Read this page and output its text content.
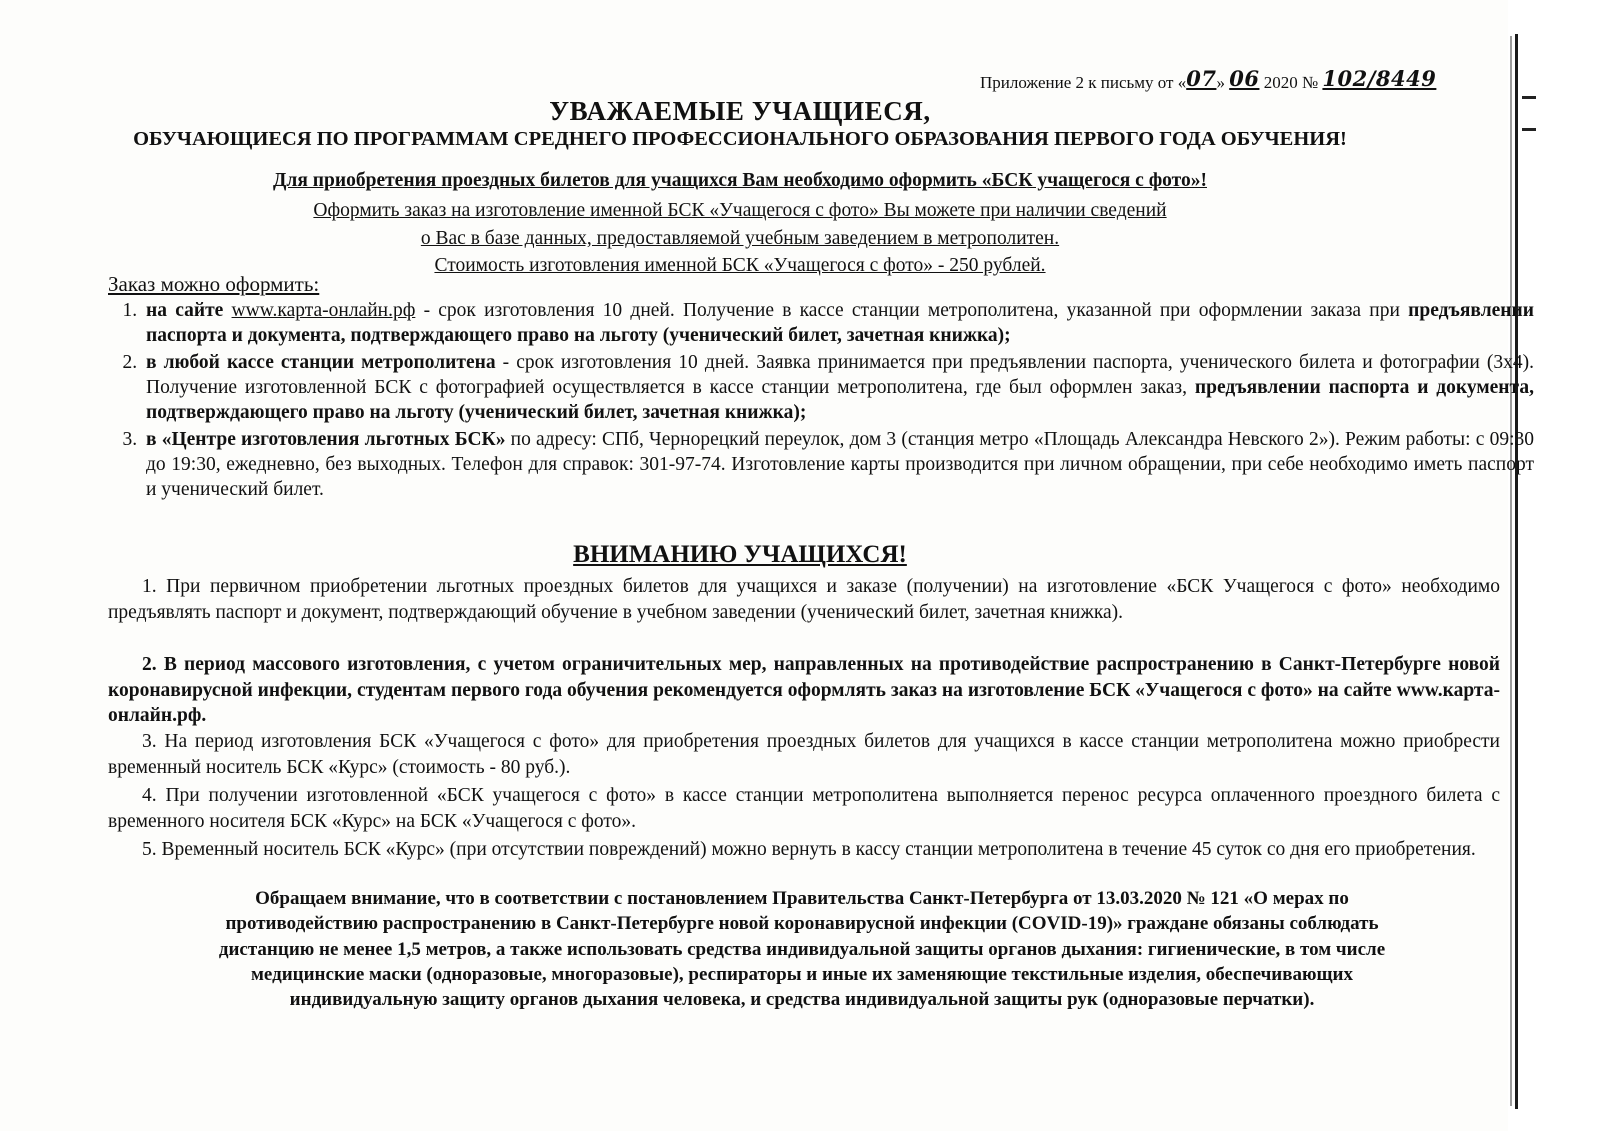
Приложение 2 к письму от «07» 06 2020 № 102/8449
УВАЖАЕМЫЕ УЧАЩИЕСЯ,
ОБУЧАЮЩИЕСЯ ПО ПРОГРАММАМ СРЕДНЕГО ПРОФЕССИОНАЛЬНОГО ОБРАЗОВАНИЯ ПЕРВОГО ГОДА ОБУЧЕНИЯ!
Для приобретения проездных билетов для учащихся Вам необходимо оформить «БСК учащегося с фото»!
Оформить заказ на изготовление именной БСК «Учащегося с фото» Вы можете при наличии сведений
о Вас в базе данных, предоставляемой учебным заведением в метрополитен.
Стоимость изготовления именной БСК «Учащегося с фото» - 250 рублей.
Заказ можно оформить:
1. на сайте www.карта-онлайн.рф - срок изготовления 10 дней. Получение в кассе станции метрополитена, указанной при оформлении заказа при предъявлении паспорта и документа, подтверждающего право на льготу (ученический билет, зачетная книжка);
2. в любой кассе станции метрополитена - срок изготовления 10 дней. Заявка принимается при предъявлении паспорта, ученического билета и фотографии (3х4). Получение изготовленной БСК с фотографией осуществляется в кассе станции метрополитена, где был оформлен заказ, предъявлении паспорта и документа, подтверждающего право на льготу (ученический билет, зачетная книжка);
3. в «Центре изготовления льготных БСК» по адресу: СПб, Чернорецкий переулок, дом 3 (станция метро «Площадь Александра Невского 2»). Режим работы: с 09:30 до 19:30, ежедневно, без выходных. Телефон для справок: 301-97-74. Изготовление карты производится при личном обращении, при себе необходимо иметь паспорт и ученический билет.
ВНИМАНИЮ УЧАЩИХСЯ!
1. При первичном приобретении льготных проездных билетов для учащихся и заказе (получении) на изготовление «БСК Учащегося с фото» необходимо предъявлять паспорт и документ, подтверждающий обучение в учебном заведении (ученический билет, зачетная книжка).
2. В период массового изготовления, с учетом ограничительных мер, направленных на противодействие распространению в Санкт-Петербурге новой коронавирусной инфекции, студентам первого года обучения рекомендуется оформлять заказ на изготовление БСК «Учащегося с фото» на сайте www.карта-онлайн.рф.
3. На период изготовления БСК «Учащегося с фото» для приобретения проездных билетов для учащихся в кассе станции метрополитена можно приобрести временный носитель БСК «Курс» (стоимость - 80 руб.).
4. При получении изготовленной «БСК учащегося с фото» в кассе станции метрополитена выполняется перенос ресурса оплаченного проездного билета с временного носителя БСК «Курс» на БСК «Учащегося с фото».
5. Временный носитель БСК «Курс» (при отсутствии повреждений) можно вернуть в кассу станции метрополитена в течение 45 суток со дня его приобретения.
Обращаем внимание, что в соответствии с постановлением Правительства Санкт-Петербурга от 13.03.2020 № 121 «О мерах по
противодействию распространению в Санкт-Петербурге новой коронавирусной инфекции (COVID-19)» граждане обязаны соблюдать
дистанцию не менее 1,5 метров, а также использовать средства индивидуальной защиты органов дыхания: гигиенические, в том числе
медицинские маски (одноразовые, многоразовые), респираторы и иные их заменяющие текстильные изделия, обеспечивающих
индивидуальную защиту органов дыхания человека, и средства индивидуальной защиты рук (одноразовые перчатки).
